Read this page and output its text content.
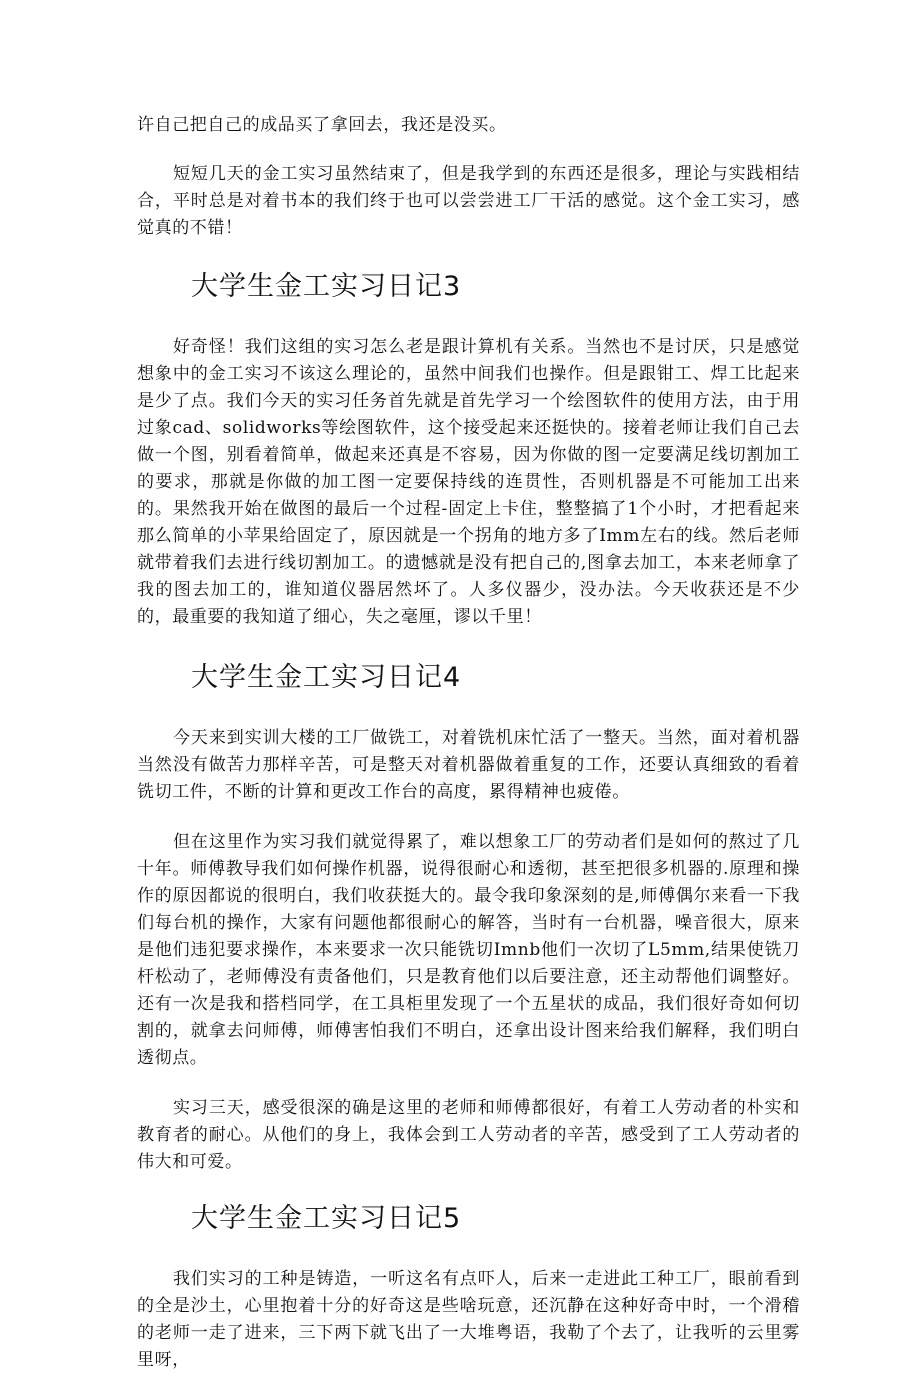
许自己把自己的成品买了拿回去，我还是没买。

短短几天的金工实习虽然结束了，但是我学到的东西还是很多，理论与实践相结合，平时总是对着书本的我们终于也可以尝尝进工厂干活的感觉。这个金工实习，感觉真的不错！

大学生金工实习日记3

好奇怪！我们这组的实习怎么老是跟计算机有关系。当然也不是讨厌，只是感觉想象中的金工实习不该这么理论的，虽然中间我们也操作。但是跟钳工、焊工比起来是少了点。我们今天的实习任务首先就是首先学习一个绘图软件的使用方法，由于用过象cad、solidworks等绘图软件，这个接受起来还挺快的。接着老师让我们自己去做一个图，别看着简单，做起来还真是不容易，因为你做的图一定要满足线切割加工的要求，那就是你做的加工图一定要保持线的连贯性，否则机器是不可能加工出来的。果然我开始在做图的最后一个过程-固定上卡住，整整搞了1个小时，才把看起来那么简单的小苹果给固定了，原因就是一个拐角的地方多了Imm左右的线。然后老师就带着我们去进行线切割加工。的遗憾就是没有把自己的,图拿去加工，本来老师拿了我的图去加工的，谁知道仪器居然坏了。人多仪器少，没办法。今天收获还是不少的，最重要的我知道了细心，失之毫厘，谬以千里！

大学生金工实习日记4

今天来到实训大楼的工厂做铣工，对着铣机床忙活了一整天。当然，面对着机器当然没有做苦力那样辛苦，可是整天对着机器做着重复的工作，还要认真细致的看着铣切工件，不断的计算和更改工作台的高度，累得精神也疲倦。

但在这里作为实习我们就觉得累了，难以想象工厂的劳动者们是如何的熬过了几十年。师傅教导我们如何操作机器，说得很耐心和透彻，甚至把很多机器的.原理和操作的原因都说的很明白，我们收获挺大的。最令我印象深刻的是,师傅偶尔来看一下我们每台机的操作，大家有问题他都很耐心的解答，当时有一台机器，噪音很大，原来是他们违犯要求操作，本来要求一次只能铣切Imnb他们一次切了L5mm,结果使铣刀杆松动了，老师傅没有责备他们，只是教育他们以后要注意，还主动帮他们调整好。还有一次是我和搭档同学，在工具柜里发现了一个五星状的成品，我们很好奇如何切割的，就拿去问师傅，师傅害怕我们不明白，还拿出设计图来给我们解释，我们明白透彻点。

实习三天，感受很深的确是这里的老师和师傅都很好，有着工人劳动者的朴实和教育者的耐心。从他们的身上，我体会到工人劳动者的辛苦，感受到了工人劳动者的伟大和可爱。

大学生金工实习日记5

我们实习的工种是铸造，一听这名有点吓人，后来一走进此工种工厂，眼前看到的全是沙土，心里抱着十分的好奇这是些啥玩意，还沉静在这种好奇中时，一个滑稽的老师一走了进来，三下两下就飞出了一大堆粤语，我勒了个去了，让我听的云里雾里呀，
